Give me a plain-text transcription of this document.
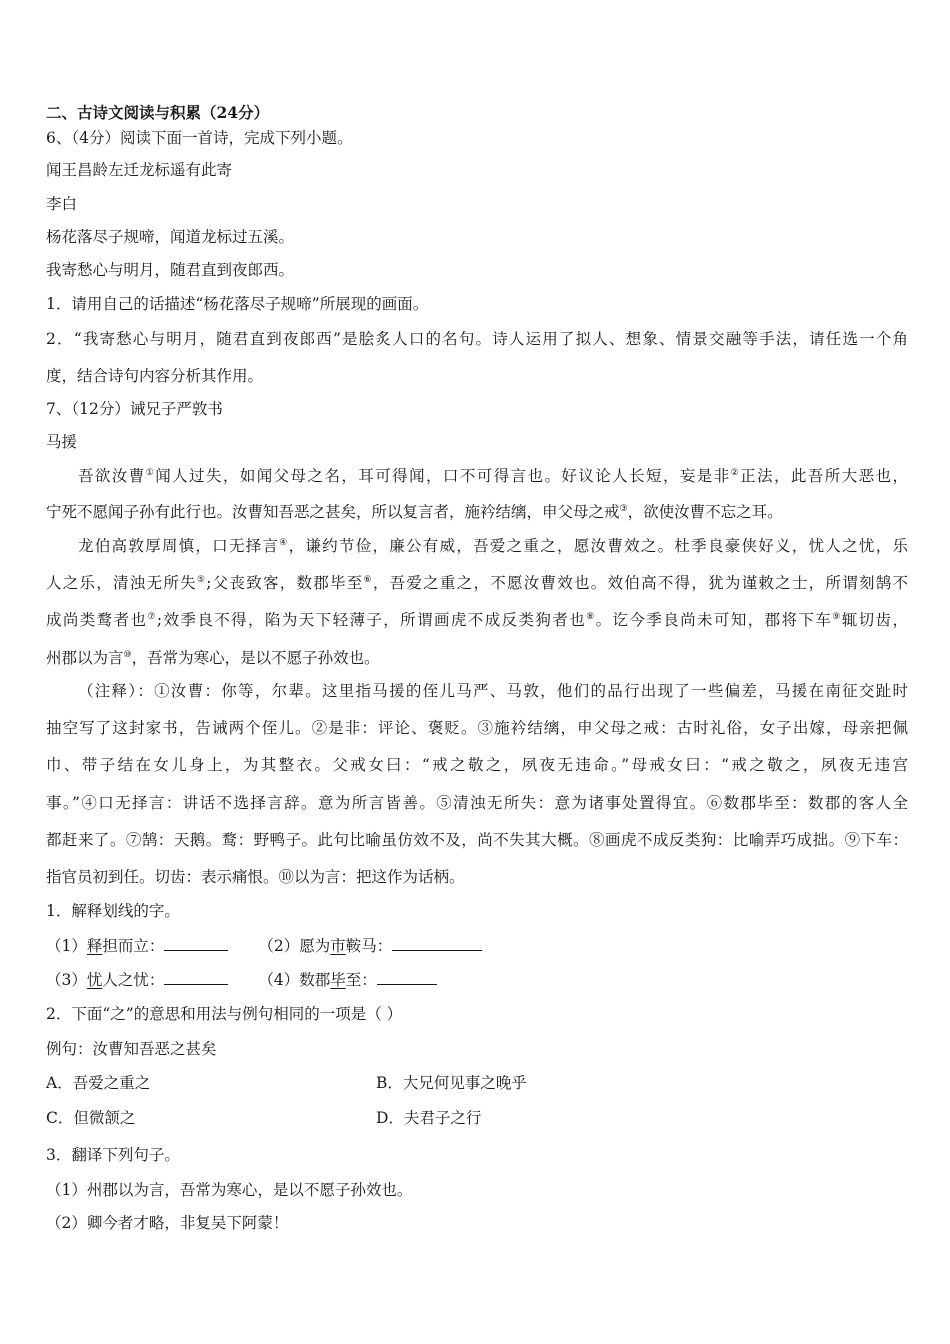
二、古诗文阅读与积累（24分）
6、（4分）阅读下面一首诗，完成下列小题。
闻王昌龄左迁龙标遥有此寄
李白
杨花落尽子规啼，闻道龙标过五溪。
我寄愁心与明月，随君直到夜郎西。
1．请用自己的话描述“杨花落尽子规啼”所展现的画面。
2．“我寄愁心与明月，随君直到夜郎西”是脍炙人口的名句。诗人运用了拟人、想象、情景交融等手法，请任选一个角
度，结合诗句内容分析其作用。
7、（12分）诫兄子严敦书
马援
吾欲汝曹①闻人过失，如闻父母之名，耳可得闻，口不可得言也。好议论人长短，妄是非②正法，此吾所大恶也，
宁死不愿闻子孙有此行也。汝曹知吾恶之甚矣，所以复言者，施衿结缡，申父母之戒③，欲使汝曹不忘之耳。
龙伯高敦厚周慎，口无择言④，谦约节俭，廉公有威，吾爱之重之，愿汝曹效之。杜季良豪侠好义，忧人之忧，乐
人之乐，清浊无所失⑤;父丧致客，数郡毕至⑥，吾爱之重之，不愿汝曹效也。效伯高不得，犹为谨敕之士，所谓刻鹄不
成尚类鹜者也⑦;效季良不得，陷为天下轻薄子，所谓画虎不成反类狗者也⑧。讫今季良尚未可知，郡将下车⑨辄切齿，
州郡以为言⑩，吾常为寒心，是以不愿子孙效也。
（注释）：①汝曹：你等，尔辈。这里指马援的侄儿马严、马敦，他们的品行出现了一些偏差，马援在南征交趾时
抽空写了这封家书，告诫两个侄儿。②是非：评论、褒贬。③施衿结缡，申父母之戒：古时礼俗，女子出嫁，母亲把佩
巾、带子结在女儿身上，为其整衣。父戒女曰：“戒之敬之，夙夜无违命。”母戒女曰：“戒之敬之，夙夜无违宫
事。”④口无择言：讲话不选择言辞。意为所言皆善。⑤清浊无所失：意为诸事处置得宜。⑥数郡毕至：数郡的客人全
都赶来了。⑦鹄：天鹅。鹜：野鸭子。此句比喻虽仿效不及，尚不失其大概。⑧画虎不成反类狗：比喻弄巧成拙。⑨下车：
指官员初到任。切齿：表示痛恨。⑩以为言：把这作为话柄。
1．解释划线的字。
（1）释担而立：	（2）愿为市鞍马：
（3）忧人之忧：	（4）数郡毕至：
2．下面“之”的意思和用法与例句相同的一项是（ ）
例句：汝曹知吾恶之甚矣
A．吾爱之重之	B．大兄何见事之晚乎
C．但微颔之	D．夫君子之行
3．翻译下列句子。
（1）州郡以为言，吾常为寒心，是以不愿子孙效也。
（2）卿今者才略，非复吴下阿蒙！
